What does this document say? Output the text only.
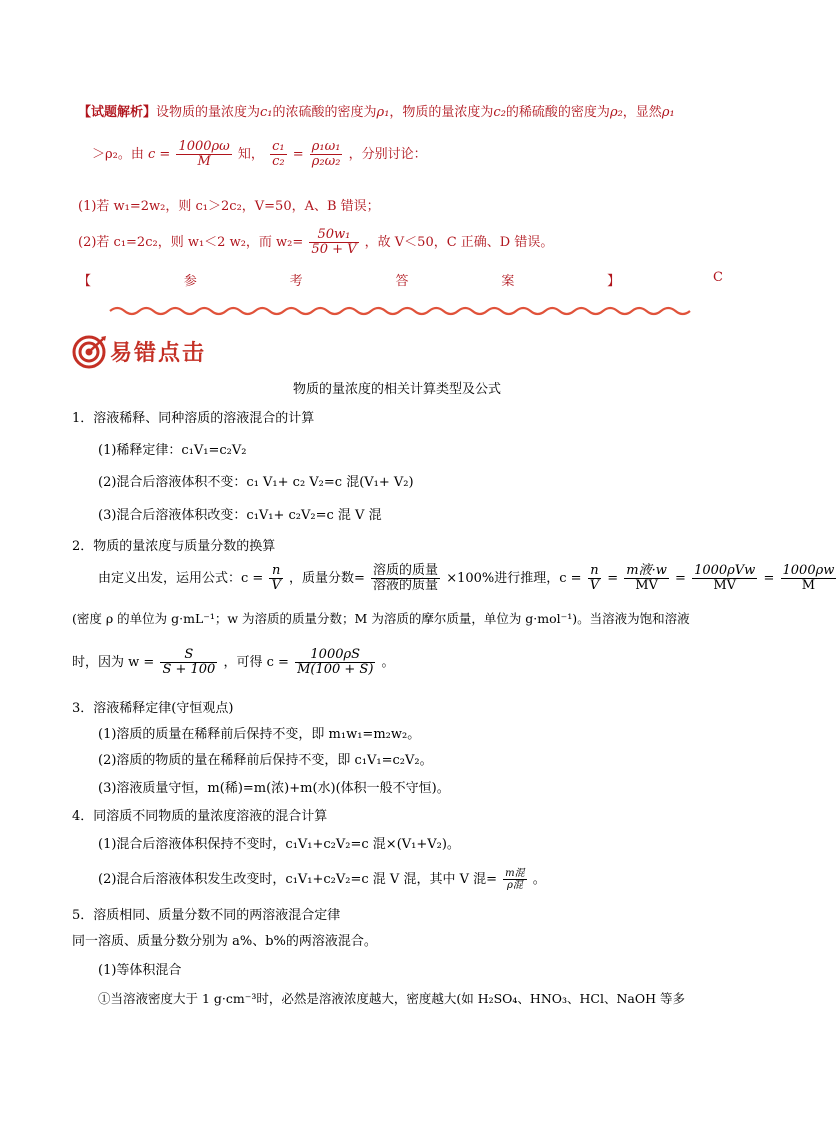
【试题解析】设物质的量浓度为c₁的浓硫酸的密度为ρ₁，物质的量浓度为c₂的稀硫酸的密度为ρ₂，显然ρ₁
＞ρ₂。由 $c = \frac{1000\rho\omega}{M}$ 知， $\frac{\text{c₁}}{\text{c₂}} = \frac{\text{ρ₁ω₁}}{\text{ρ₂ω₂}}$ ，分别讨论：
(1)若 w₁=2w₂，则 c₁＞2c₂，V=50，A、B 错误；
(2)若 c₁=2c₂，则 w₁＜2 w₂，而 $w_2= \frac{\text{50w₁}}{50 + V}$ ，故 V＜50，C 正确、D 错误。
【	参	考	答	案	】	C
易错点击
物质的量浓度的相关计算类型及公式
1．溶液稀释、同种溶质的溶液混合的计算
(1)稀释定律：c₁V₁=c₂V₂
(2)混合后溶液体积不变：c₁ V₁+ c₂ V₂=c 混(V₁+ V₂)
(3)混合后溶液体积改变：c₁V₁+ c₂V₂=c 混 V 混
2．物质的量浓度与质量分数的换算
由定义出发，运用公式：$c = \frac{n}{V}$ ，质量分数= $\frac{\text{溶质的质量}}{\text{溶液的质量}} \times 100\%$进行推理，$c = \frac{n}{V} = \frac{\text{m液·w}}{MV} = \frac{\text{1000ρVw}}{MV} = \frac{1000\rho w}{M}$
(密度 ρ 的单位为 g·mL⁻¹；w 为溶质的质量分数；M 为溶质的摩尔质量，单位为 g·mol⁻¹)。当溶液为饱和溶液
时，因为 $w = \frac{S}{S + 100}$ ，可得 $c = \frac{1000\rho S}{M(100 + S)}$ 。
3．溶液稀释定律(守恒观点)
(1)溶质的质量在稀释前后保持不变，即 m₁w₁=m₂w₂。
(2)溶质的物质的量在稀释前后保持不变，即 c₁V₁=c₂V₂。
(3)溶液质量守恒，m(稀)=m(浓)+m(水)(体积一般不守恒)。
4．同溶质不同物质的量浓度溶液的混合计算
(1)混合后溶液体积保持不变时，c₁V₁+c₂V₂=c 混×(V₁+V₂)。
(2)混合后溶液体积发生改变时，c₁V₁+c₂V₂=c 混 V 混，其中 V 混= $\frac{\text{m混}}{\text{ρ混}}$ 。
5．溶质相同、质量分数不同的两溶液混合定律
同一溶质、质量分数分别为 a%、b%的两溶液混合。
(1)等体积混合
①当溶液密度大于 1 g·cm⁻³时，必然是溶液浓度越大，密度越大(如 H₂SO₄、HNO₃、HCl、NaOH 等多
